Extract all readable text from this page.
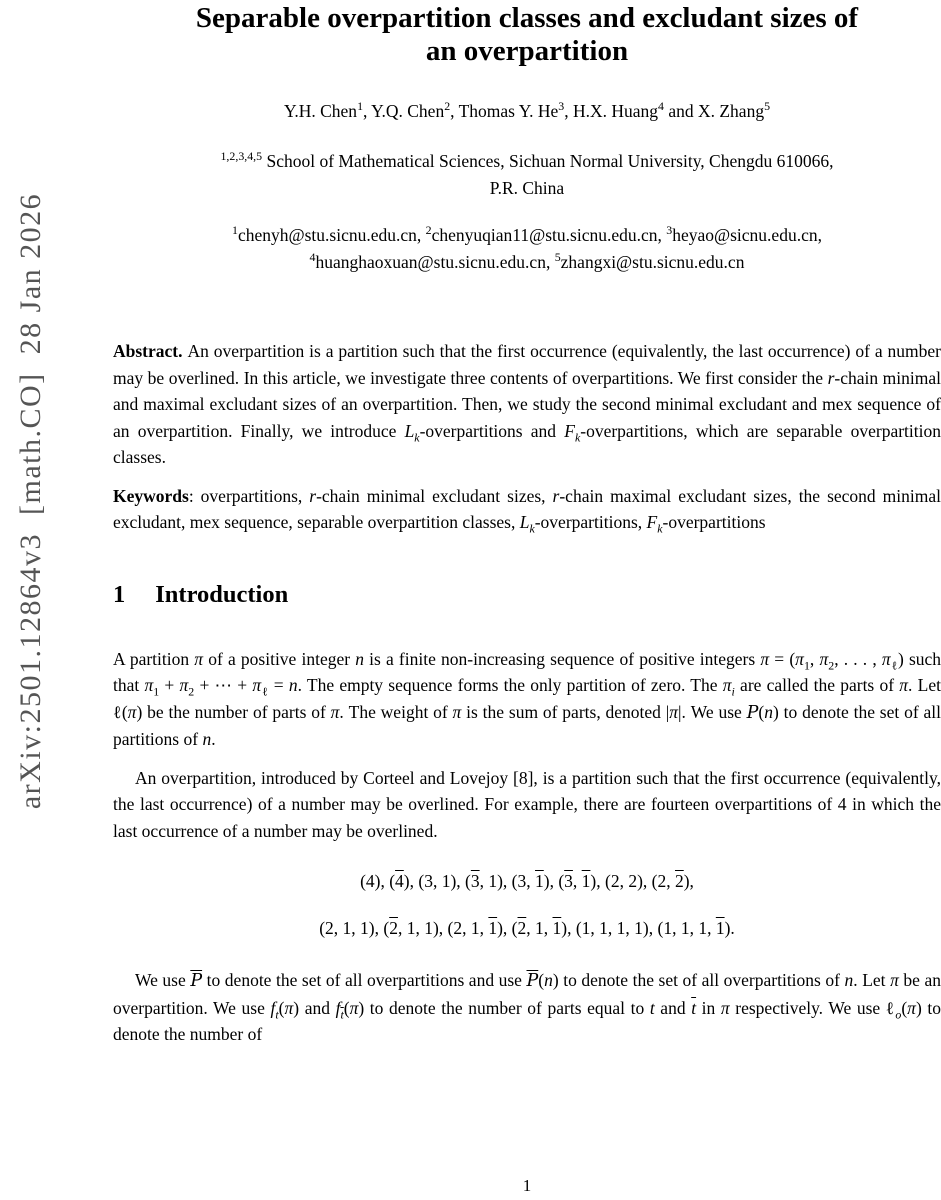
arXiv:2501.12864v3  [math.CO]  28 Jan 2026
Separable overpartition classes and excludant sizes of
an overpartition

Y.H. Chen$^1$, Y.Q. Chen$^2$, Thomas Y. He$^3$, H.X. Huang$^4$ and X. Zhang$^5$

$^{1,2,3,4,5}$ School of Mathematical Sciences, Sichuan Normal University, Chengdu 610066,
P.R. China

$^1$chenyh@stu.sicnu.edu.cn, $^2$chenyuqian11@stu.sicnu.edu.cn, $^3$heyao@sicnu.edu.cn,
$^4$huanghaoxuan@stu.sicnu.edu.cn, $^5$zhangxi@stu.sicnu.edu.cn

Abstract. An overpartition is a partition such that the first occurrence (equivalently, the last occurrence) of a number may be overlined. In this article, we investigate three contents of overpartitions. We first consider the r-chain minimal and maximal excludant sizes of an overpartition. Then, we study the second minimal excludant and mex sequence of an overpartition. Finally, we introduce $L_k$-overpartitions and $F_k$-overpartitions, which are separable overpartition classes.

Keywords: overpartitions, r-chain minimal excludant sizes, r-chain maximal excludant sizes, the second minimal excludant, mex sequence, separable overpartition classes, $L_k$-overpartitions, $F_k$-overpartitions

1 Introduction

A partition π of a positive integer n is a finite non-increasing sequence of positive integers $\pi = (\pi_1$, $\pi_2$, . . . , $\pi_\ell$) such that $\pi_1 + \pi_2$ + ⋯ + $\pi_\ell = n$. The empty sequence forms the only partition of zero. The $\pi_i$ are called the parts of π. Let ℓ(π) be the number of parts of π. The weight of π is the sum of parts, denoted |π|. We use P(n) to denote the set of all partitions of n.

An overpartition, introduced by Corteel and Lovejoy [8], is a partition such that the first occurrence (equivalently, the last occurrence) of a number may be overlined. For example, there are fourteen overpartitions of 4 in which the last occurrence of a number may be overlined.

(4), (4), (3, 1), (3, 1), (3, 1), (3, 1), (2, 2), (2, 2),

(2, 1, 1), (2, 1, 1), (2, 1, 1), (2, 1, 1), (1, 1, 1, 1), (1, 1, 1, 1).

We use $\overline{P}$ to denote the set of all overpartitions and use $\overline{P}(n)$ to denote the set of all overpartitions of n. Let π be an overpartition. We use $f_t(\pi)$ and $f_{\overline{t}}(\pi)$ to denote the number of parts equal to t and $\overline{t}$ in π respectively. We use ℓ$_o$(π) to denote the number of

1
